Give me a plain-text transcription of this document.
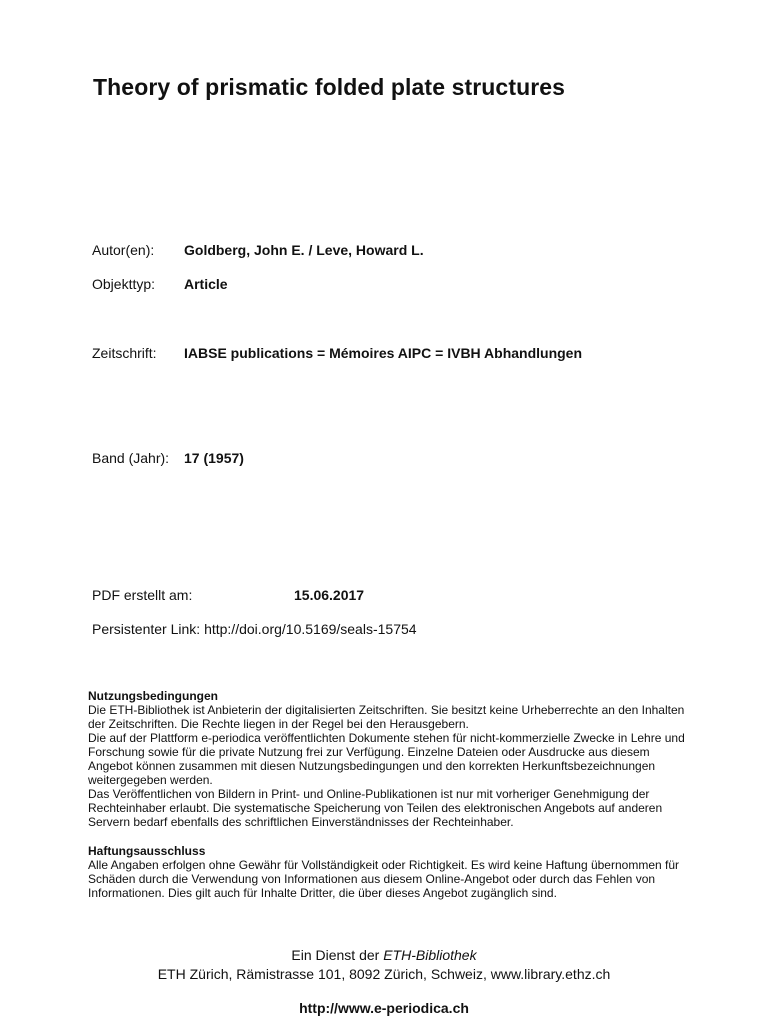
Theory of prismatic folded plate structures
Autor(en): Goldberg, John E. / Leve, Howard L.
Objekttyp: Article
Zeitschrift: IABSE publications = Mémoires AIPC = IVBH Abhandlungen
Band (Jahr): 17 (1957)
PDF erstellt am:	15.06.2017
Persistenter Link: http://doi.org/10.5169/seals-15754
Nutzungsbedingungen

Die ETH-Bibliothek ist Anbieterin der digitalisierten Zeitschriften. Sie besitzt keine Urheberrechte an den Inhalten der Zeitschriften. Die Rechte liegen in der Regel bei den Herausgebern.

Die auf der Plattform e-periodica veröffentlichten Dokumente stehen für nicht-kommerzielle Zwecke in Lehre und Forschung sowie für die private Nutzung frei zur Verfügung. Einzelne Dateien oder Ausdrucke aus diesem Angebot können zusammen mit diesen Nutzungsbedingungen und den korrekten Herkunftsbezeichnungen weitergegeben werden.

Das Veröffentlichen von Bildern in Print- und Online-Publikationen ist nur mit vorheriger Genehmigung der Rechteinhaber erlaubt. Die systematische Speicherung von Teilen des elektronischen Angebots auf anderen Servern bedarf ebenfalls des schriftlichen Einverständnisses der Rechteinhaber.

Haftungsausschluss

Alle Angaben erfolgen ohne Gewähr für Vollständigkeit oder Richtigkeit. Es wird keine Haftung übernommen für Schäden durch die Verwendung von Informationen aus diesem Online-Angebot oder durch das Fehlen von Informationen. Dies gilt auch für Inhalte Dritter, die über dieses Angebot zugänglich sind.

Ein Dienst der ETH-Bibliothek
ETH Zürich, Rämistrasse 101, 8092 Zürich, Schweiz, www.library.ethz.ch
http://www.e-periodica.ch
